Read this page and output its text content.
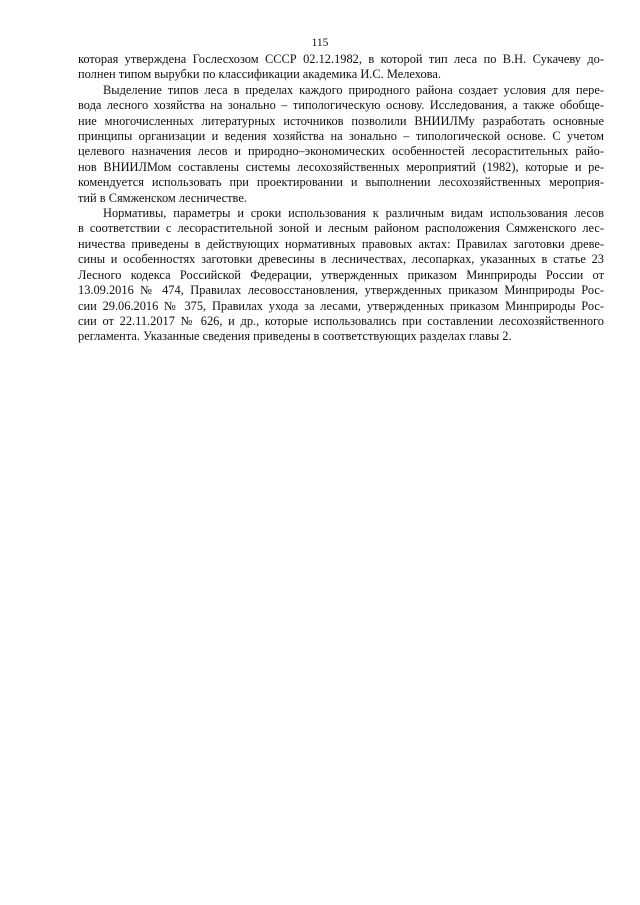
115
которая утверждена Гослесхозом СССР 02.12.1982, в которой тип леса по В.Н. Сукачеву до-
полнен типом вырубки по классификации академика И.С. Мелехова.
Выделение типов леса в пределах каждого природного района создает условия для пере-
вода лесного хозяйства на зонально – типологическую основу. Исследования, а также обобще-
ние многочисленных литературных источников позволили ВНИИЛМу разработать основные
принципы организации и ведения хозяйства на зонально – типологической основе. С учетом
целевого назначения лесов и природно–экономических особенностей лесорастительных райо-
нов ВНИИЛМом составлены системы лесохозяйственных мероприятий (1982), которые и ре-
комендуется использовать при проектировании и выполнении лесохозяйственных мероприя-
тий в Сямженском лесничестве.
Нормативы, параметры и сроки использования к различным видам использования лесов
в соответствии с лесорастительной зоной и лесным районом расположения Сямженского лес-
ничества приведены в действующих нормативных правовых актах: Правилах заготовки древе-
сины и особенностях заготовки древесины в лесничествах, лесопарках, указанных в статье 23
Лесного кодекса Российской Федерации, утвержденных приказом Минприроды России от
13.09.2016 № 474, Правилах лесовосстановления, утвержденных приказом Минприроды Рос-
сии 29.06.2016 № 375, Правилах ухода за лесами, утвержденных приказом Минприроды Рос-
сии от 22.11.2017 № 626, и др., которые использовались при составлении лесохозяйственного
регламента. Указанные сведения приведены в соответствующих разделах главы 2.
